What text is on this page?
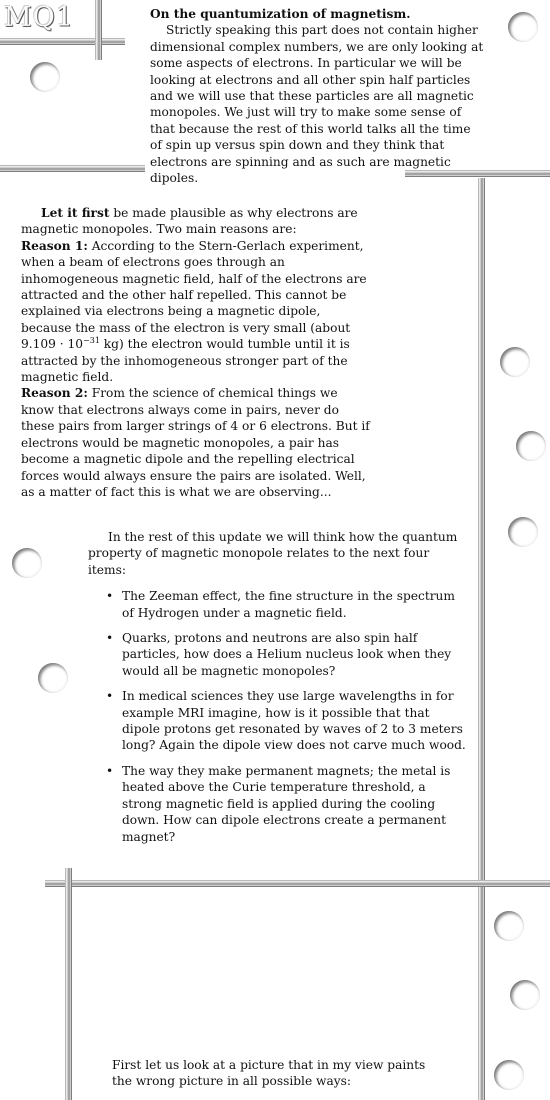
MQ1	On the quantumization of magnetism.

Strictly speaking this part does not contain higher dimensional complex numbers, we are only looking at some aspects of electrons. In particular we will be looking at electrons and all other spin half particles and we will use that these particles are all magnetic monopoles. We just will try to make some sense of that because the rest of this world talks all the time of spin up versus spin down and they think that electrons are spinning and as such are magnetic dipoles.

Let it first be made plausible as why electrons are magnetic monopoles. Two main reasons are:

Reason 1: According to the Stern-Gerlach experiment, when a beam of electrons goes through an inhomogeneous magnetic field, half of the electrons are attracted and the other half repelled. This cannot be explained via electrons being a magnetic dipole, because the mass of the electron is very small (about $9.109 \cdot 10^{-31}$ kg) the electron would tumble until it is attracted by the inhomogeneous stronger part of the magnetic field.

Reason 2: From the science of chemical things we know that electrons always come in pairs, never do these pairs from larger strings of 4 or 6 electrons. But if electrons would be magnetic monopoles, a pair has become a magnetic dipole and the repelling electrical forces would always ensure the pairs are isolated. Well, as a matter of fact this is what we are observing...

In the rest of this update we will think how the quantum property of magnetic monopole relates to the next four items:

• The Zeeman effect, the fine structure in the spectrum of Hydrogen under a magnetic field.
• Quarks, protons and neutrons are also spin half particles, how does a Helium nucleus look when they would all be magnetic monopoles?
• In medical sciences they use large wavelengths in for example MRI imagine, how is it possible that that dipole protons get resonated by waves of 2 to 3 meters long? Again the dipole view does not carve much wood.
• The way they make permanent magnets; the metal is heated above the Curie temperature threshold, a strong magnetic field is applied during the cooling down. How can dipole electrons create a permanent magnet?

First let us look at a picture that in my view paints the wrong picture in all possible ways:
